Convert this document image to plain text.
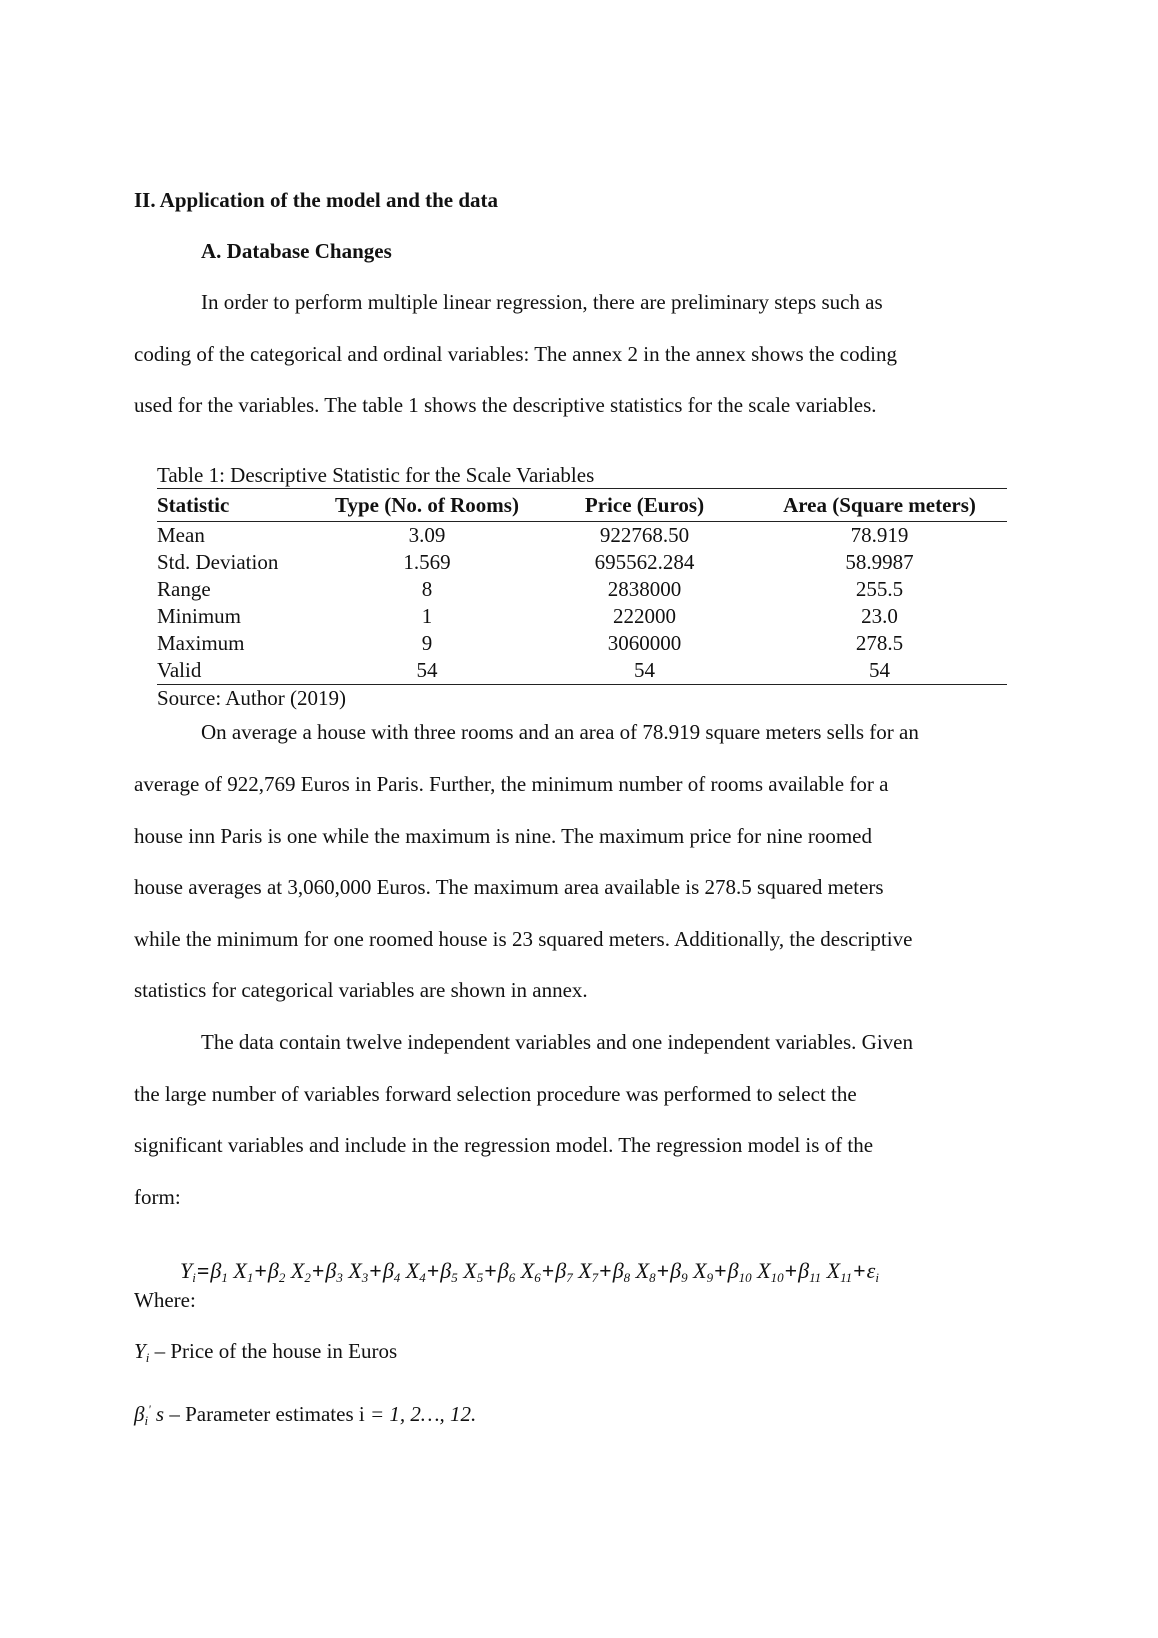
II. Application of the model and the data
A. Database Changes
In order to perform multiple linear regression, there are preliminary steps such as
coding of the categorical and ordinal variables: The annex 2 in the annex shows the coding
used for the variables. The table 1 shows the descriptive statistics for the scale variables.
Table 1: Descriptive Statistic for the Scale Variables
Statistic	Type (No. of Rooms)	Price (Euros)	Area (Square meters)
Mean	3.09	922768.50	78.919
Std. Deviation	1.569	695562.284	58.9987
Range	8	2838000	255.5
Minimum	1	222000	23.0
Maximum	9	3060000	278.5
Valid	54	54	54
Source: Author (2019)
On average a house with three rooms and an area of 78.919 square meters sells for an
average of 922,769 Euros in Paris. Further, the minimum number of rooms available for a
house inn Paris is one while the maximum is nine. The maximum price for nine roomed
house averages at 3,060,000 Euros. The maximum area available is 278.5 squared meters
while the minimum for one roomed house is 23 squared meters. Additionally, the descriptive
statistics for categorical variables are shown in annex.
The data contain twelve independent variables and one independent variables. Given
the large number of variables forward selection procedure was performed to select the
significant variables and include in the regression model. The regression model is of the
form:
$Y_i=\beta_1$ $X_1+\beta_2$ $X_2+\beta_3$ $X_3+\beta_4$ $X_4+\beta_5$ $X_5+\beta_6$ $X_6+\beta_7$ $X_7+\beta_8$ $X_8+\beta_9$ $X_9+\beta_{10}$ $X_{10}+\beta_{11}$ $X_{11}+\varepsilon_i$
Where:
$Y_i$ – Price of the house in Euros
$\beta_i'$ s – Parameter estimates i = 1, 2…, 12.
